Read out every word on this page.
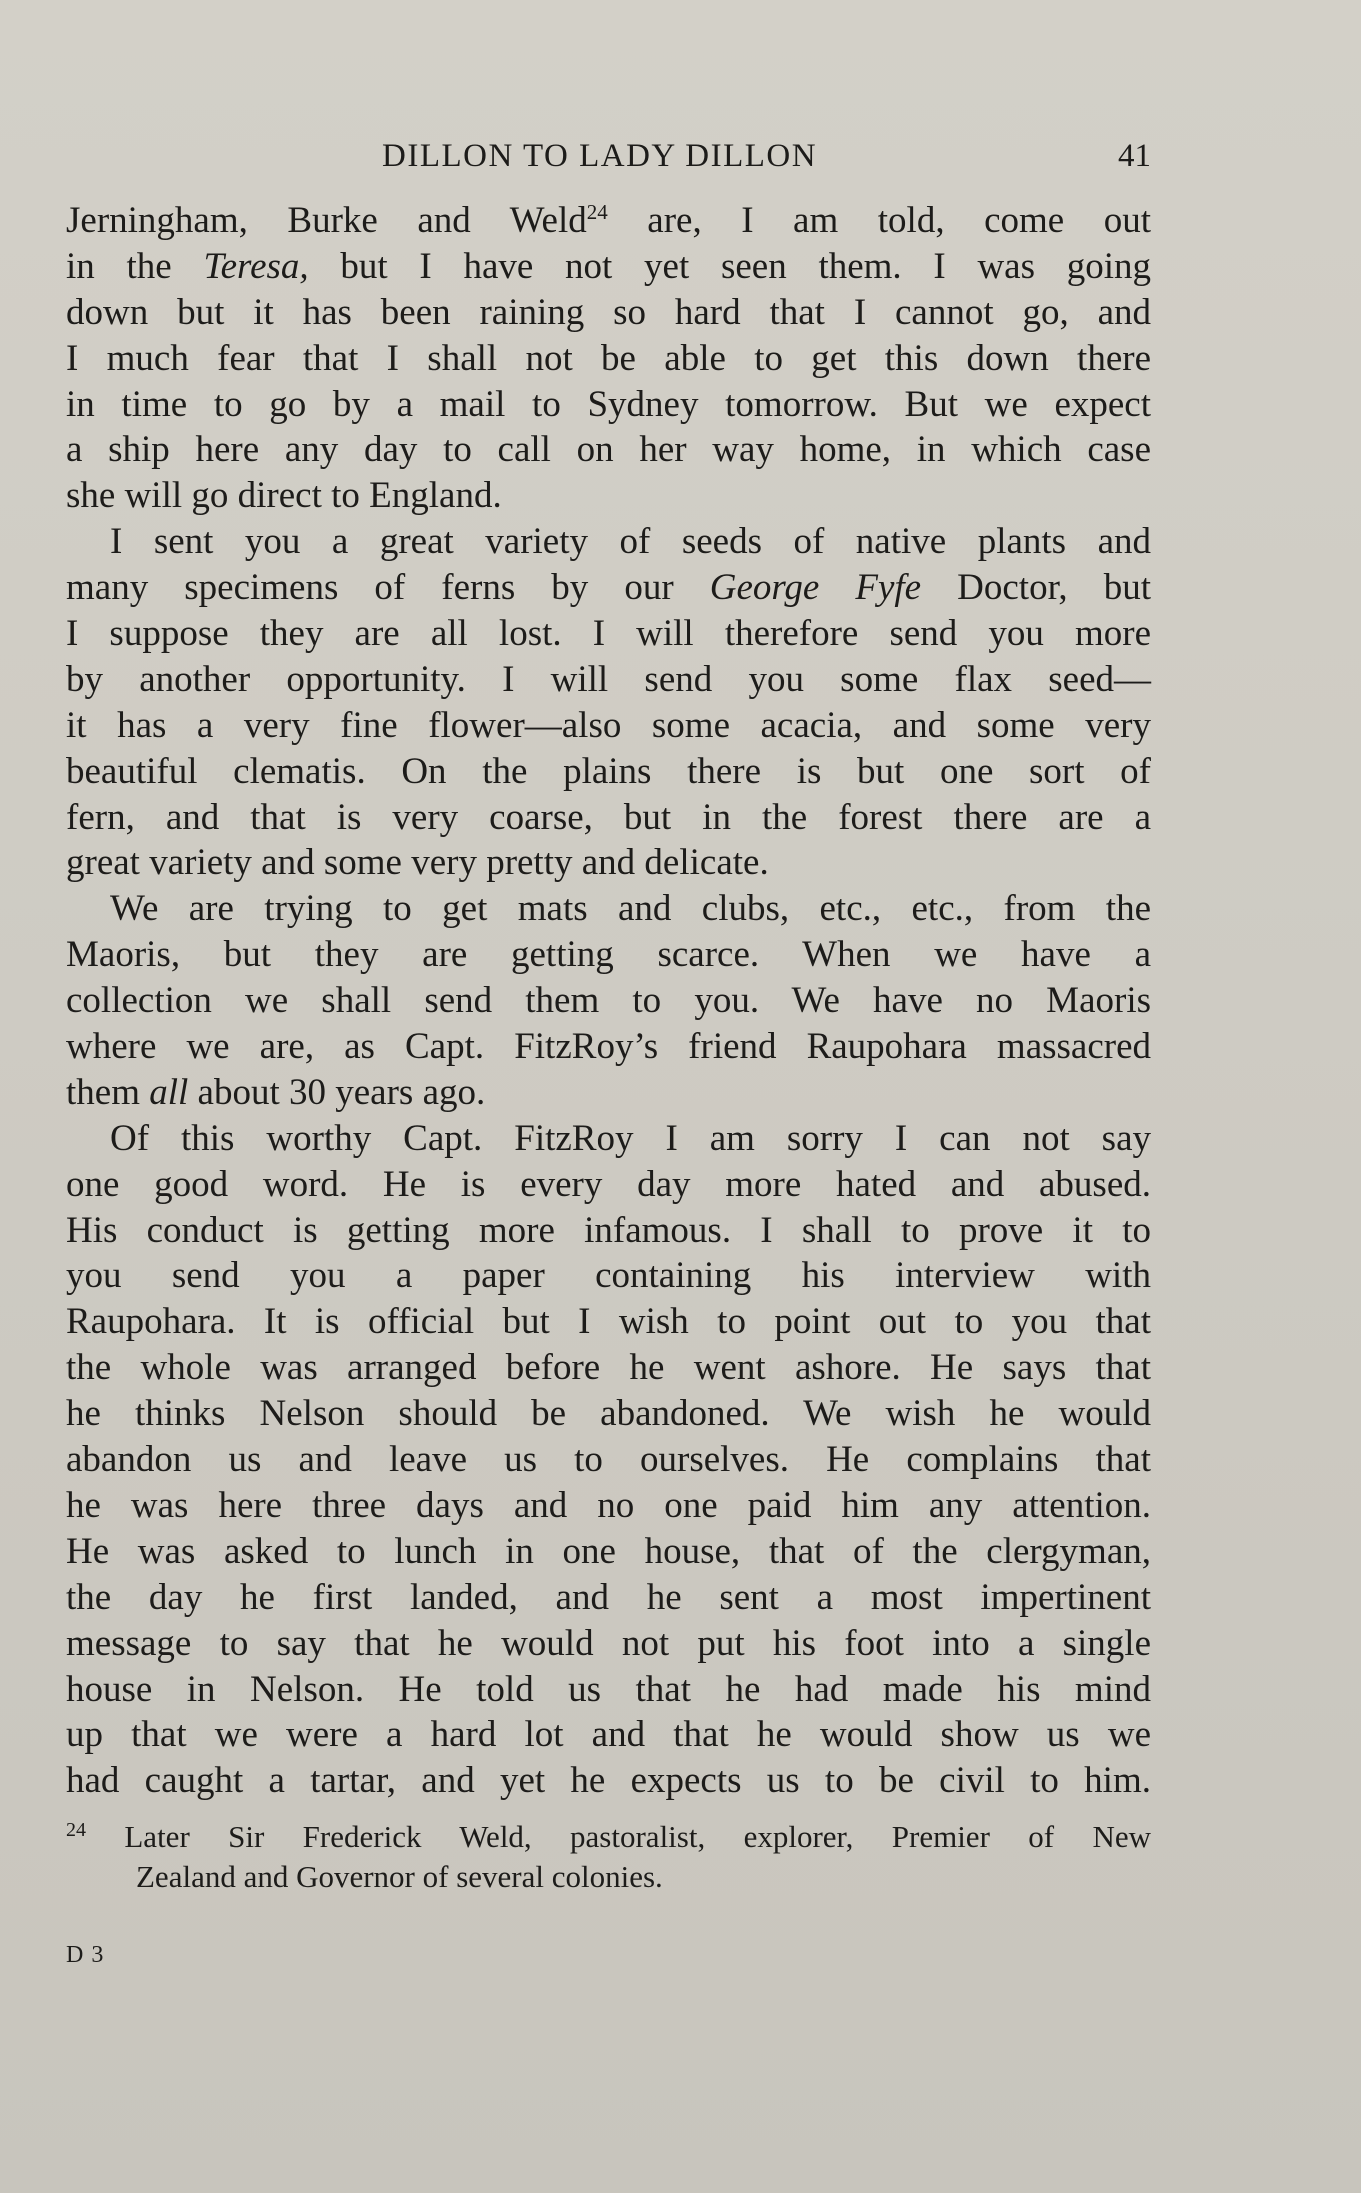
DILLON TO LADY DILLON	41
Jerningham, Burke and Weld$^{24}$ are, I am told, come out
in the Teresa, but I have not yet seen them. I was going
down but it has been raining so hard that I cannot go, and
I much fear that I shall not be able to get this down there
in time to go by a mail to Sydney tomorrow. But we expect
a ship here any day to call on her way home, in which case
she will go direct to England.
I sent you a great variety of seeds of native plants and
many specimens of ferns by our George Fyfe Doctor, but
I suppose they are all lost. I will therefore send you more
by another opportunity. I will send you some flax seed—
it has a very fine flower—also some acacia, and some very
beautiful clematis. On the plains there is but one sort of
fern, and that is very coarse, but in the forest there are a
great variety and some very pretty and delicate.
We are trying to get mats and clubs, etc., etc., from the
Maoris, but they are getting scarce. When we have a
collection we shall send them to you. We have no Maoris
where we are, as Capt. FitzRoy’s friend Raupohara massacred
them all about 30 years ago.
Of this worthy Capt. FitzRoy I am sorry I can not say
one good word. He is every day more hated and abused.
His conduct is getting more infamous. I shall to prove it to
you send you a paper containing his interview with
Raupohara. It is official but I wish to point out to you that
the whole was arranged before he went ashore. He says that
he thinks Nelson should be abandoned. We wish he would
abandon us and leave us to ourselves. He complains that
he was here three days and no one paid him any attention.
He was asked to lunch in one house, that of the clergyman,
the day he first landed, and he sent a most impertinent
message to say that he would not put his foot into a single
house in Nelson. He told us that he had made his mind
up that we were a hard lot and that he would show us we
had caught a tartar, and yet he expects us to be civil to him.
$^{24}$ Later Sir Frederick Weld, pastoralist, explorer, Premier of New
Zealand and Governor of several colonies.
D 3
